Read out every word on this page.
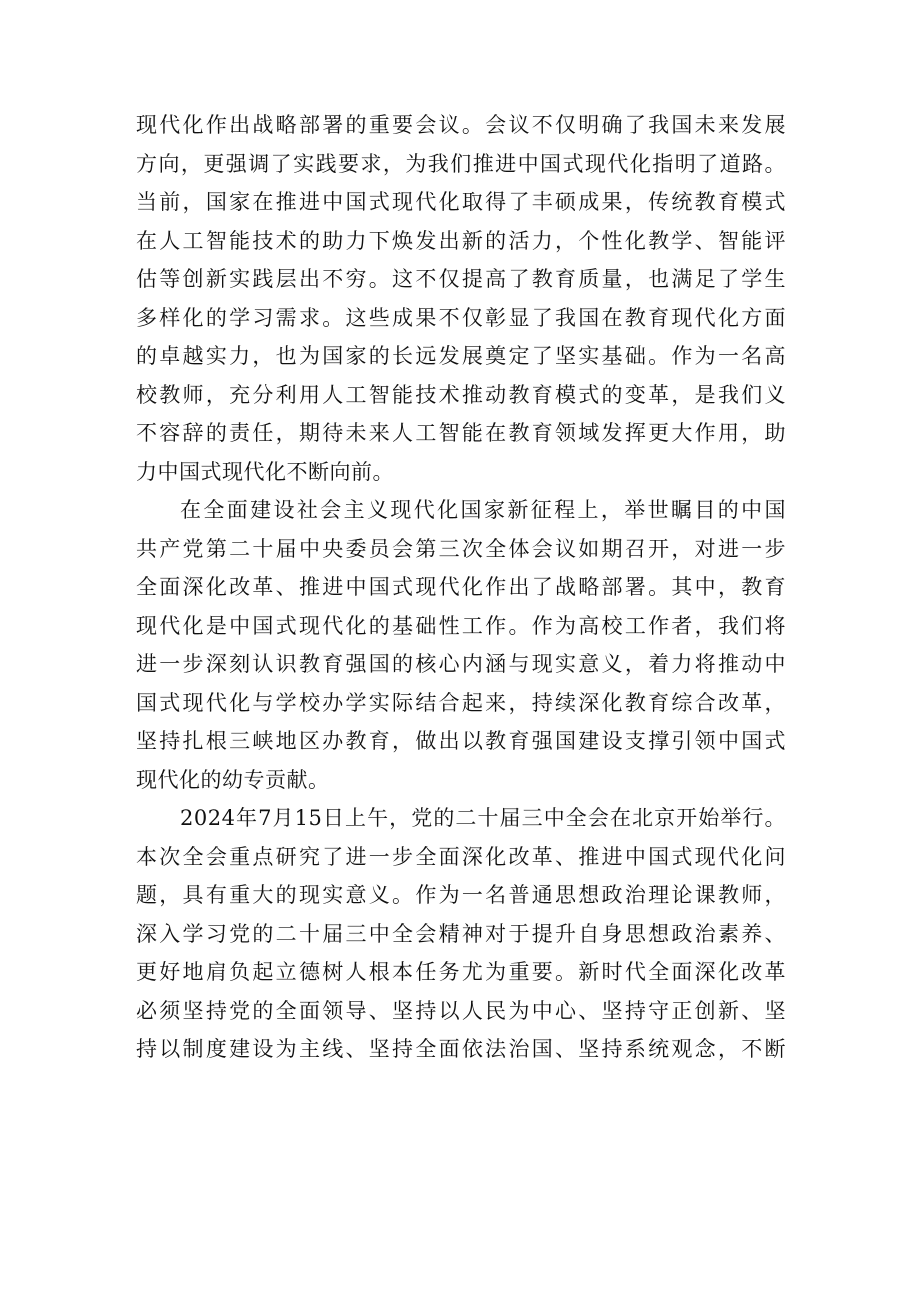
现代化作出战略部署的重要会议。会议不仅明确了我国未来发展
方向，更强调了实践要求，为我们推进中国式现代化指明了道路。
当前，国家在推进中国式现代化取得了丰硕成果，传统教育模式
在人工智能技术的助力下焕发出新的活力，个性化教学、智能评
估等创新实践层出不穷。这不仅提高了教育质量，也满足了学生
多样化的学习需求。这些成果不仅彰显了我国在教育现代化方面
的卓越实力，也为国家的长远发展奠定了坚实基础。作为一名高
校教师，充分利用人工智能技术推动教育模式的变革，是我们义
不容辞的责任，期待未来人工智能在教育领域发挥更大作用，助
力中国式现代化不断向前。
在全面建设社会主义现代化国家新征程上，举世瞩目的中国
共产党第二十届中央委员会第三次全体会议如期召开，对进一步
全面深化改革、推进中国式现代化作出了战略部署。其中，教育
现代化是中国式现代化的基础性工作。作为高校工作者，我们将
进一步深刻认识教育强国的核心内涵与现实意义，着力将推动中
国式现代化与学校办学实际结合起来，持续深化教育综合改革，
坚持扎根三峡地区办教育，做出以教育强国建设支撑引领中国式
现代化的幼专贡献。
2024年7月15日上午，党的二十届三中全会在北京开始举行。
本次全会重点研究了进一步全面深化改革、推进中国式现代化问
题，具有重大的现实意义。作为一名普通思想政治理论课教师，
深入学习党的二十届三中全会精神对于提升自身思想政治素养、
更好地肩负起立德树人根本任务尤为重要。新时代全面深化改革
必须坚持党的全面领导、坚持以人民为中心、坚持守正创新、坚
持以制度建设为主线、坚持全面依法治国、坚持系统观念，不断
